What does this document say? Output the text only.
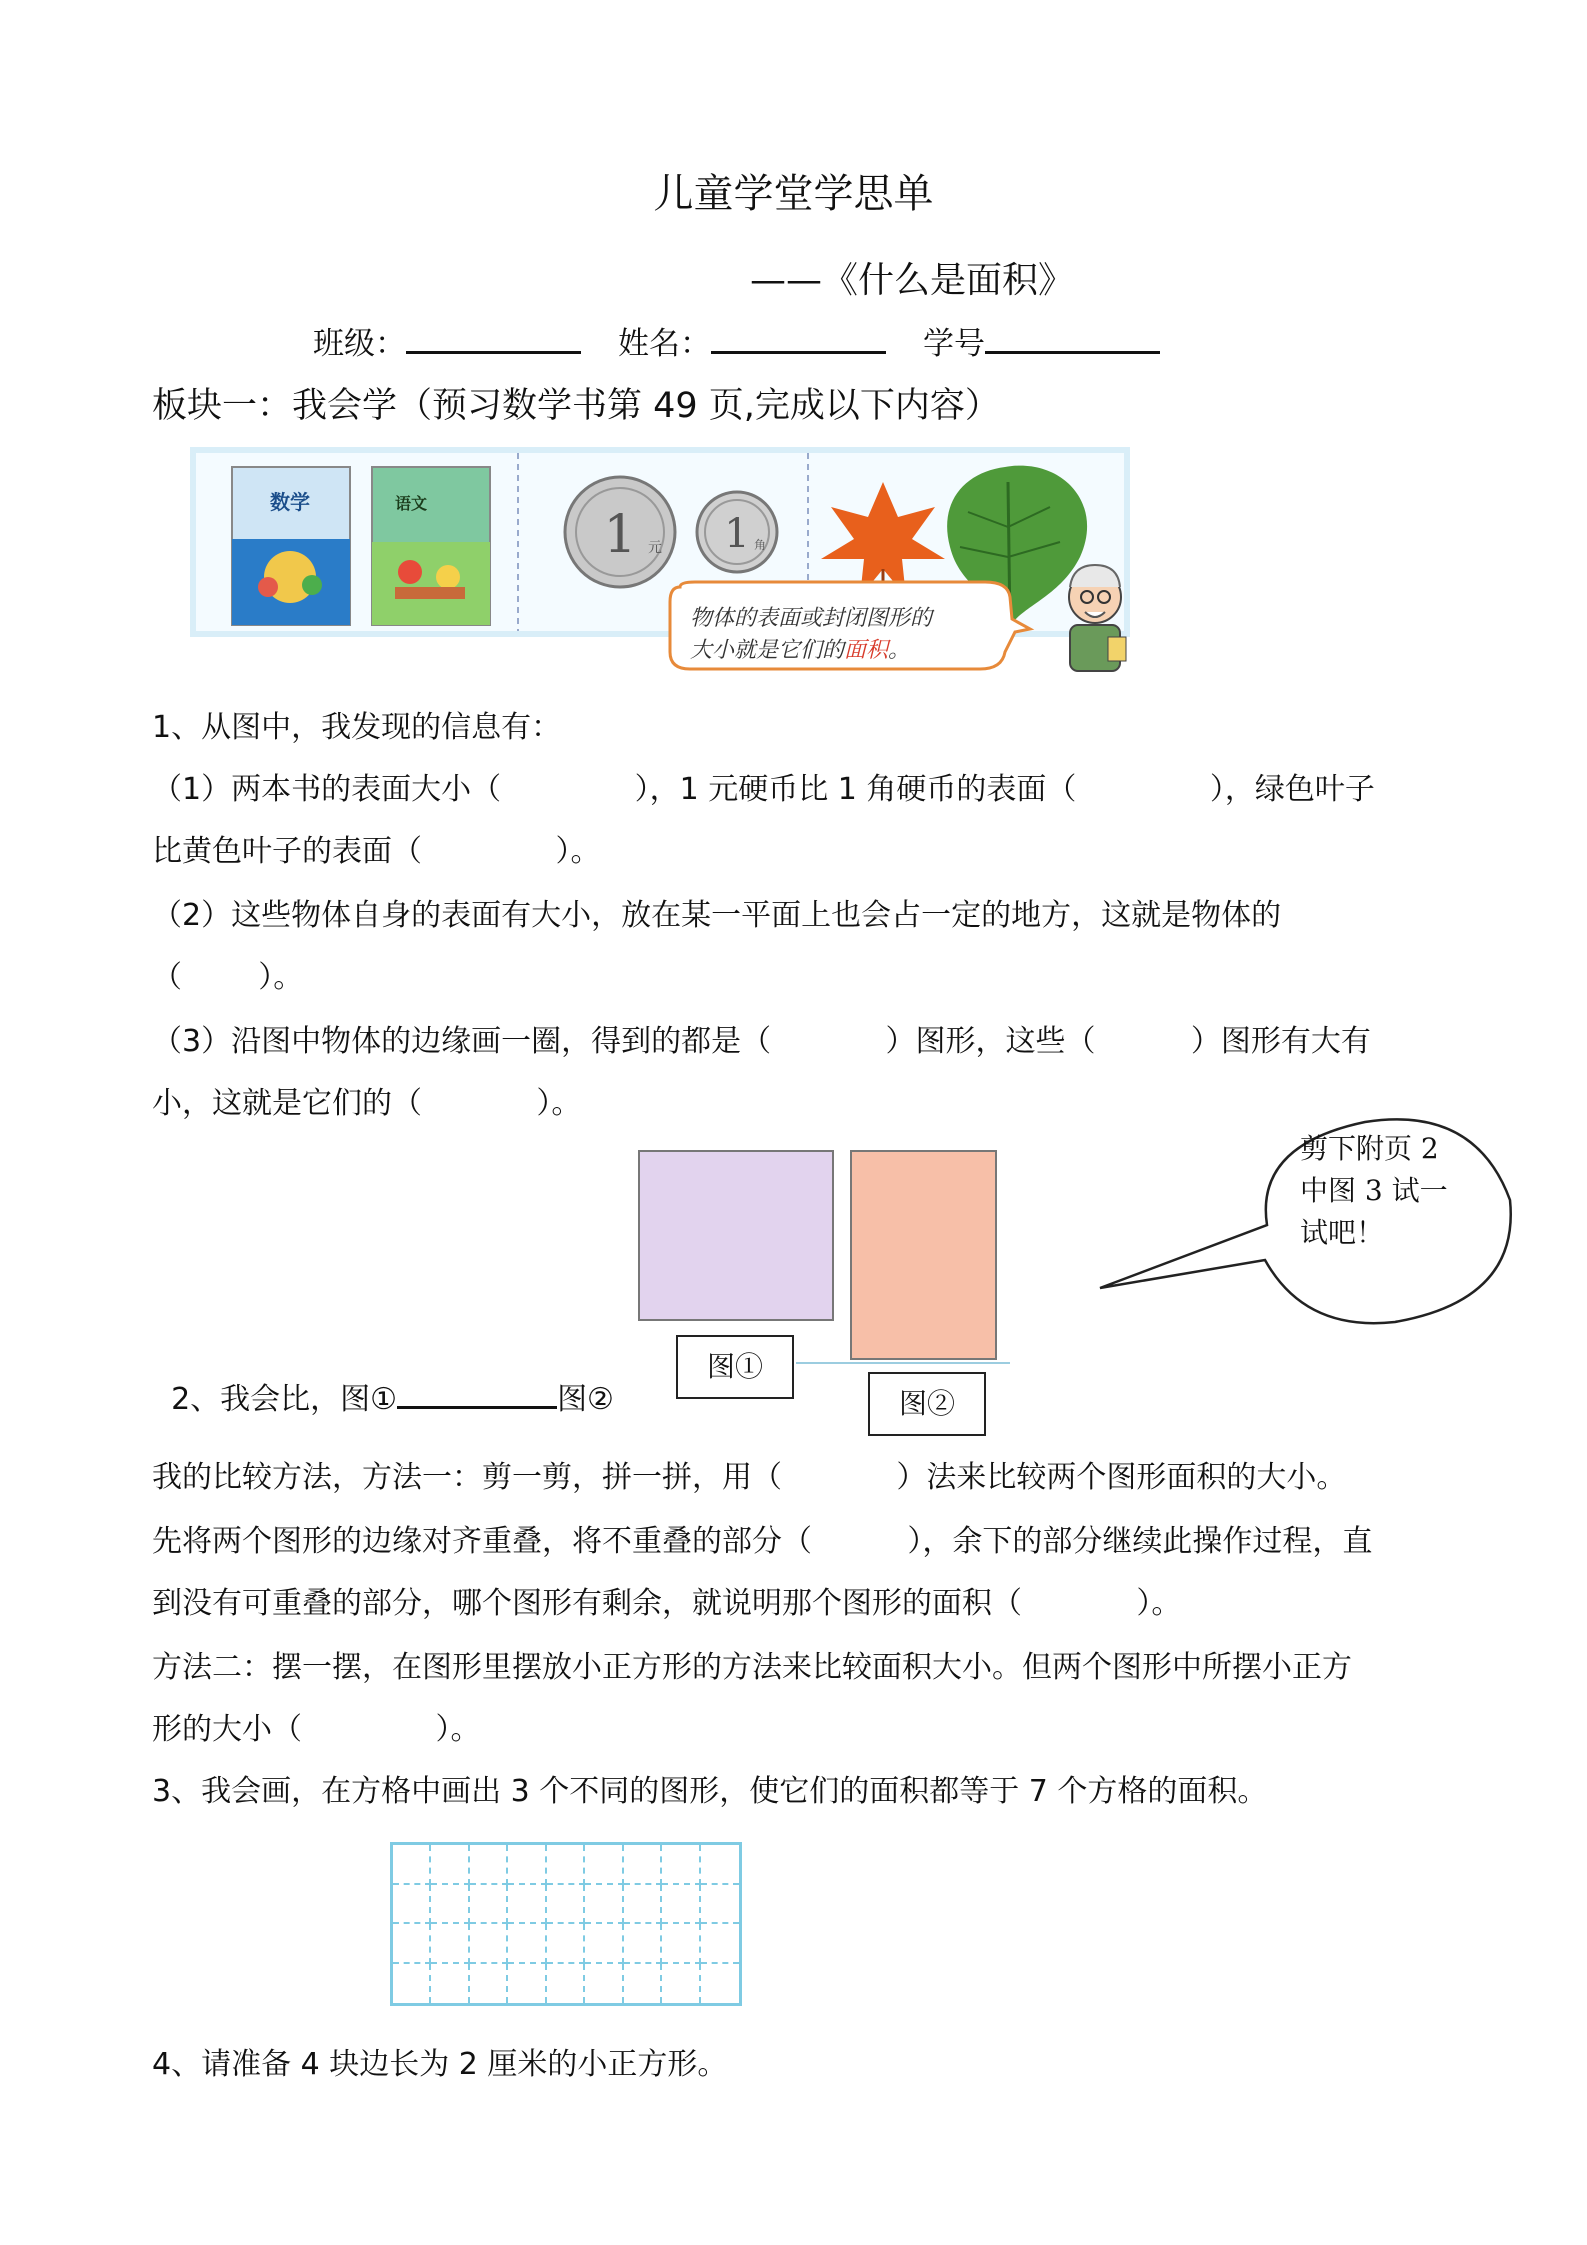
儿童学堂学思单
——《什么是面积》
班级：	姓名：	学号
板块一：我会学（预习数学书第 49 页,完成以下内容）
数学	语文
1 元 1 角
物体的表面或封闭图形的
大小就是它们的面积。
1、从图中，我发现的信息有：
（1）两本书的表面大小（              ），1 元硬币比 1 角硬币的表面（              ），绿色叶子
比黄色叶子的表面（              ）。
（2）这些物体自身的表面有大小，放在某一平面上也会占一定的地方，这就是物体的
（        ）。
（3）沿图中物体的边缘画一圈，得到的都是（            ）图形，这些（          ）图形有大有
小，这就是它们的（            ）。
图①
图②
剪下附页 2
中图 3 试一
试吧！

2、我会比，图①	图②

我的比较方法，方法一：剪一剪，拼一拼，用（            ）法来比较两个图形面积的大小。
先将两个图形的边缘对齐重叠，将不重叠的部分（          ），余下的部分继续此操作过程，直
到没有可重叠的部分，哪个图形有剩余，就说明那个图形的面积（            ）。
方法二：摆一摆，在图形里摆放小正方形的方法来比较面积大小。但两个图形中所摆小正方
形的大小（              ）。
3、我会画，在方格中画出 3 个不同的图形，使它们的面积都等于 7 个方格的面积。
4、请准备 4 块边长为 2 厘米的小正方形。
